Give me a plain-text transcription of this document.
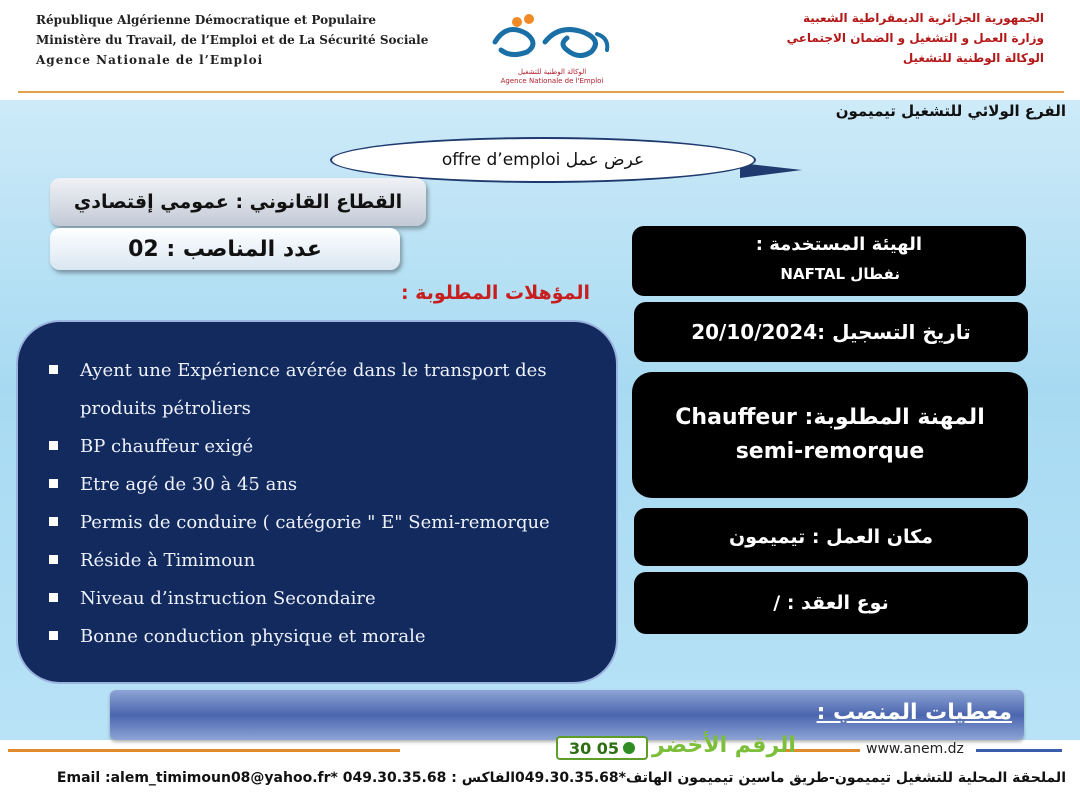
République Algérienne Démocratique et Populaire
Ministère du Travail, de l’Emploi et de La Sécurité Sociale
Agence Nationale de l’Emploi
الوكالة الوطنية للتشغيل
Agence Nationale de l'Emploi
الجمهورية الجزائرية الديمقراطية الشعبية
وزارة العمل و التشغيل و الضمان الاجتماعي
الوكالة الوطنية للتشغيل
الفرع الولائي للتشغيل تيميمون
offre d’emploi عرض عمل
القطاع القانوني : عمومي إقتصادي
عدد المناصب : 02
المؤهلات المطلوبة :
Ayent une Expérience avérée dans le transport des produits pétroliers
BP chauffeur exigé
Etre agé de 30 à 45 ans
Permis de conduire ( catégorie " E" Semi-remorque
Réside à Timimoun
Niveau d’instruction Secondaire
Bonne conduction physique et morale
الهيئة المستخدمة :
نفطال NAFTAL
تاريخ التسجيل :20/10/2024
المهنة المطلوبة: Chauffeur
semi-remorque
مكان العمل : تيميمون
نوع العقد : /
معطيات المنصب :
30 05 الرقم الأخضر	www.anem.dz
الملحقة المحلية للتشغيل تيميمون-طريق ماسين تيميمون الهاتف*049.30.35.68الفاكس : 049.30.35.68 *Email :alem_timimoun08@yahoo.fr
